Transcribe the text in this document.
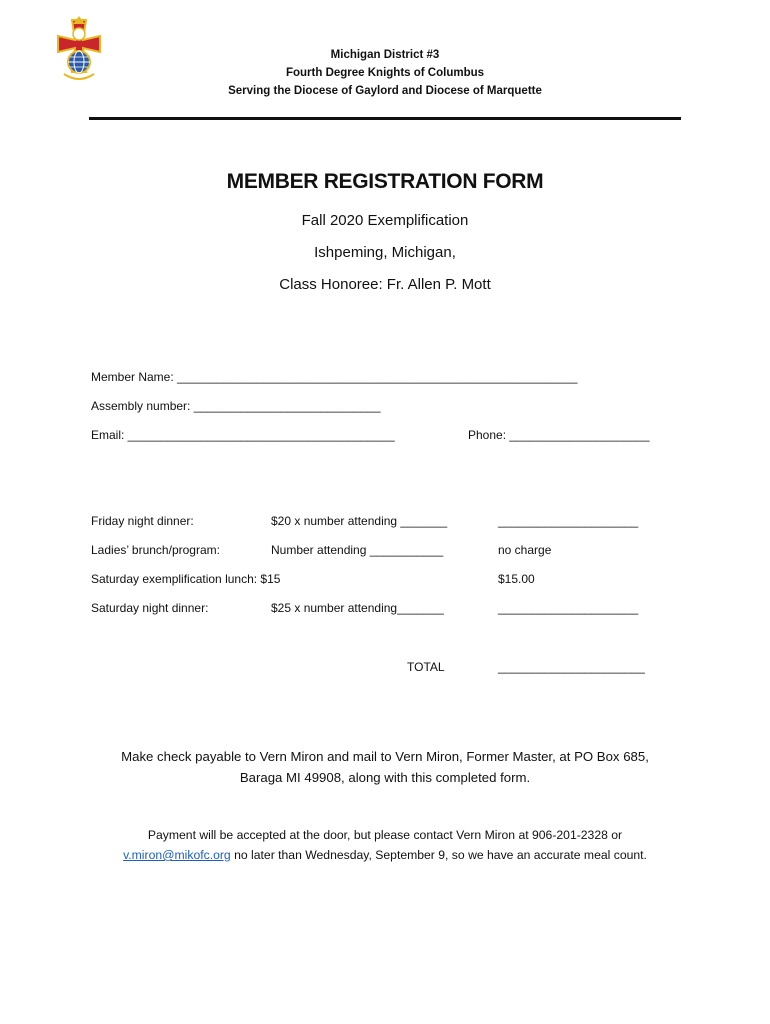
Michigan District #3
Fourth Degree Knights of Columbus
Serving the Diocese of Gaylord and Diocese of Marquette
MEMBER REGISTRATION FORM
Fall 2020 Exemplification
Ishpeming, Michigan,
Class Honoree: Fr. Allen P. Mott
Member Name: ____________________________________________________________
Assembly number: ____________________________
Email: ________________________________________	Phone: _____________________
Friday night dinner:	$20 x number attending _______	_____________________
Ladies’ brunch/program:	Number attending ___________	no charge
Saturday exemplification lunch: $15	$15.00
Saturday night dinner:	$25 x number attending_______	_____________________
TOTAL	______________________
Make check payable to Vern Miron and mail to Vern Miron, Former Master, at PO Box 685,
Baraga MI 49908, along with this completed form.
Payment will be accepted at the door, but please contact Vern Miron at 906-201-2328 or
v.miron@mikofc.org no later than Wednesday, September 9, so we have an accurate meal count.
